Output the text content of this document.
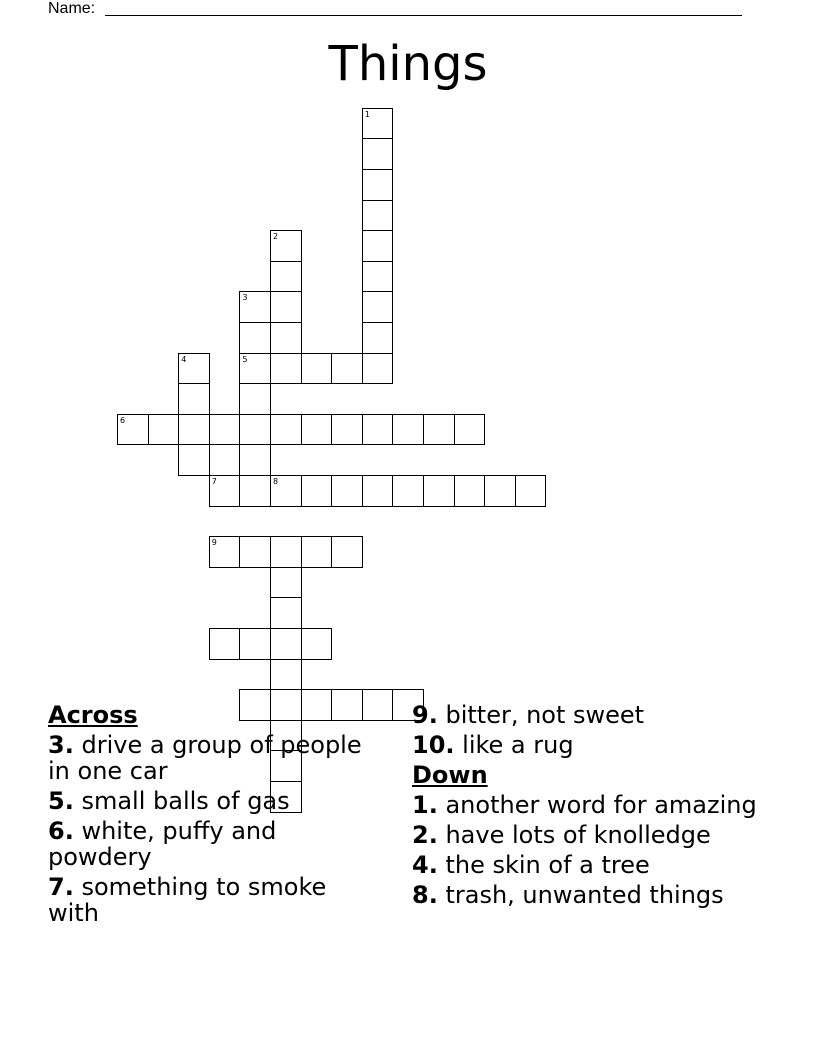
Name:
Things
1
2
3
5
4
6
7	8
9
Across
3. drive a group of people in one car
5. small balls of gas
6. white, puffy and powdery
7. something to smoke with
9. bitter, not sweet
10. like a rug
Down
1. another word for amazing
2. have lots of knolledge
4. the skin of a tree
8. trash, unwanted things
